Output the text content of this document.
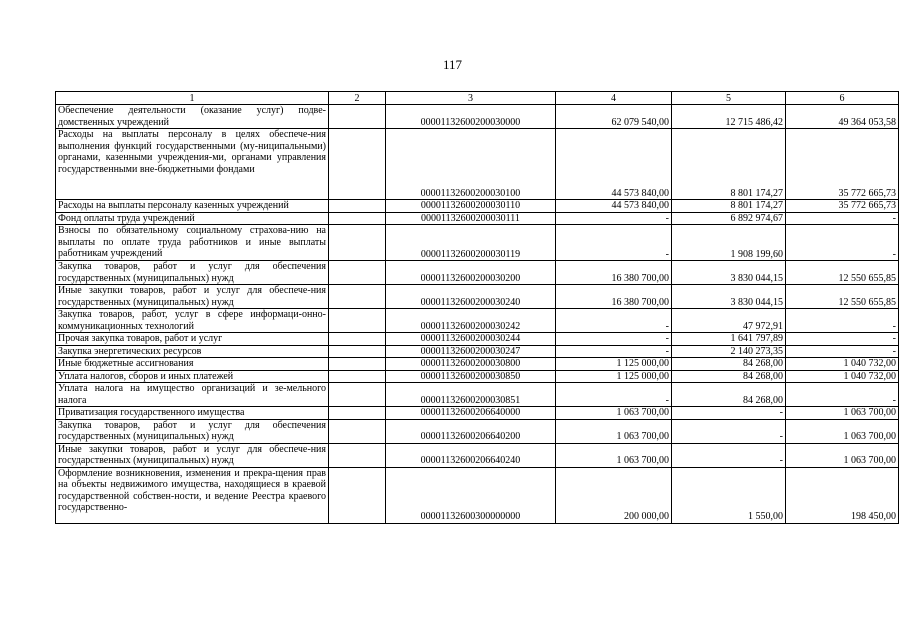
117
1	2	3	4	5	6
Обеспечение деятельности (оказание услуг) подве-домственных учреждений		00001132600200030000	62 079 540,00	12 715 486,42	49 364 053,58
Расходы на выплаты персоналу в целях обеспече-ния выполнения функций государственными (му-ниципальными) органами, казенными учреждения-ми, органами управления государственными вне-бюджетными фондами		00001132600200030100	44 573 840,00	8 801 174,27	35 772 665,73
Расходы на выплаты персоналу казенных учреждений		00001132600200030110	44 573 840,00	8 801 174,27	35 772 665,73
Фонд оплаты труда учреждений		00001132600200030111	-	6 892 974,67	-
Взносы по обязательному социальному страхова-нию на выплаты по оплате труда работников и иные выплаты работникам учреждений		00001132600200030119	-	1 908 199,60	-
Закупка товаров, работ и услуг для обеспечения государственных (муниципальных) нужд		00001132600200030200	16 380 700,00	3 830 044,15	12 550 655,85
Иные закупки товаров, работ и услуг для обеспече-ния государственных (муниципальных) нужд		00001132600200030240	16 380 700,00	3 830 044,15	12 550 655,85
Закупка товаров, работ, услуг в сфере информаци-онно-коммуникационных технологий		00001132600200030242	-	47 972,91	-
Прочая закупка товаров, работ и услуг		00001132600200030244	-	1 641 797,89	-
Закупка энергетических ресурсов		00001132600200030247	-	2 140 273,35	-
Иные бюджетные ассигнования		00001132600200030800	1 125 000,00	84 268,00	1 040 732,00
Уплата налогов, сборов и иных платежей		00001132600200030850	1 125 000,00	84 268,00	1 040 732,00
Уплата налога на имущество организаций и зе-мельного налога		00001132600200030851	-	84 268,00	-
Приватизация государственного имущества		00001132600206640000	1 063 700,00	-	1 063 700,00
Закупка товаров, работ и услуг для обеспечения государственных (муниципальных) нужд		00001132600206640200	1 063 700,00	-	1 063 700,00
Иные закупки товаров, работ и услуг для обеспече-ния государственных (муниципальных) нужд		00001132600206640240	1 063 700,00	-	1 063 700,00
Оформление возникновения, изменения и прекра-щения прав на объекты недвижимого имущества, находящиеся в краевой государственной собствен-ности, и ведение Реестра краевого государственно-		00001132600300000000	200 000,00	1 550,00	198 450,00
